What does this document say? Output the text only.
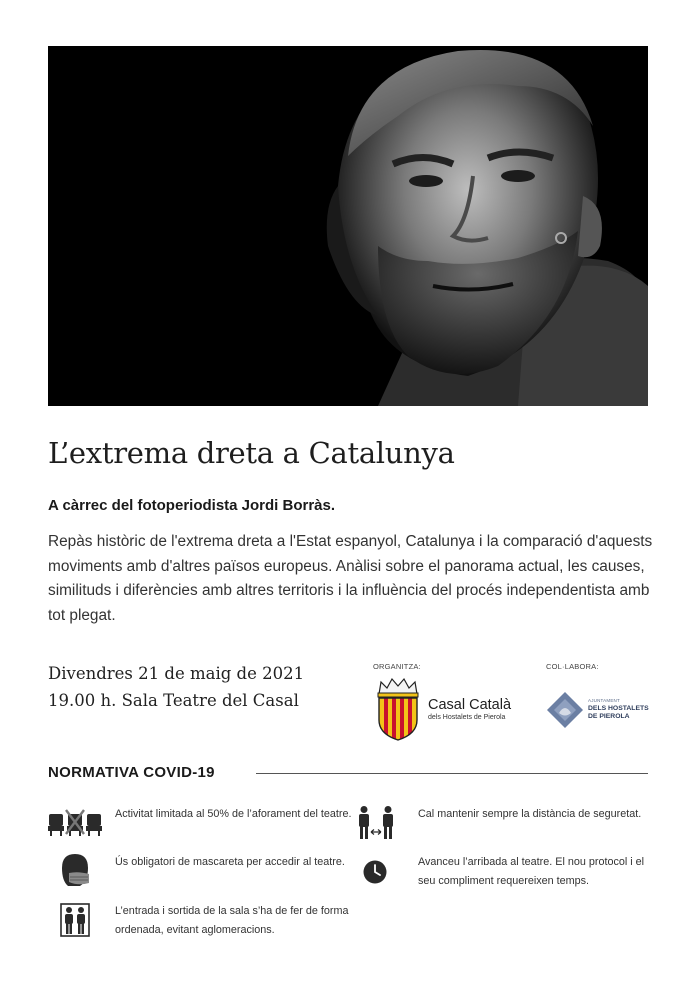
L’extrema dreta a Catalunya
A càrrec del fotoperiodista Jordi Borràs.
Repàs històric de l'extrema dreta a l'Estat espanyol, Catalunya i la comparació d'aquests moviments amb d'altres països europeus. Anàlisi sobre el panorama actual, les causes, similituds i diferències amb altres territoris i la influència del procés independentista amb tot plegat.
Divendres 21 de maig de 2021
19.00 h. Sala Teatre del Casal
ORGANITZA:	COL·LABORA:
Casal Català
dels Hostalets de Pierola
AJUNTAMENT
DELS HOSTALETS DE PIEROLA
NORMATIVA COVID-19
Activitat limitada al 50% de l’aforament del teatre.	Cal mantenir sempre la distància de seguretat.
Ús obligatori de mascareta per accedir al teatre.	Avanceu l’arribada al teatre. El nou protocol i el seu compliment requereixen temps.
L’entrada i sortida de la sala s’ha de fer de forma ordenada, evitant aglomeracions.
